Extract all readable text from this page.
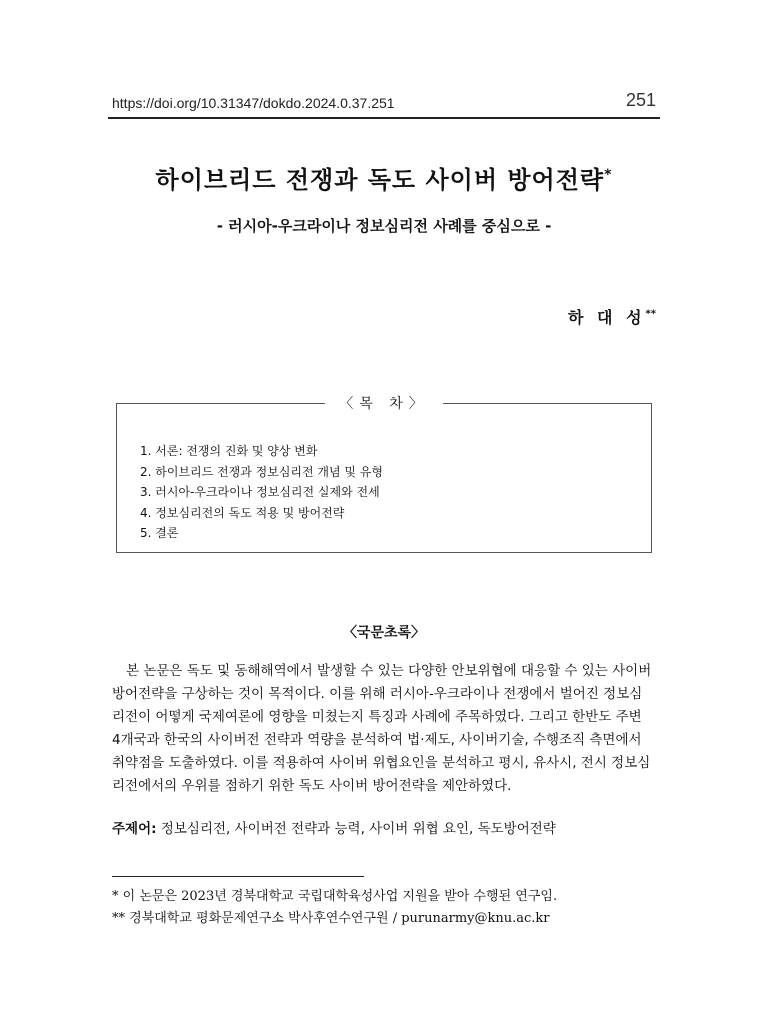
https://doi.org/10.31347/dokdo.2024.0.37.251	251
하이브리드 전쟁과 독도 사이버 방어전략*
- 러시아-우크라이나 정보심리전 사례를 중심으로 -
하 대 성**
〈목 차〉
1. 서론: 전쟁의 진화 및 양상 변화
2. 하이브리드 전쟁과 정보심리전 개념 및 유형
3. 러시아-우크라이나 정보심리전 실제와 전세
4. 정보심리전의 독도 적용 및 방어전략
5. 결론
〈국문초록〉
본 논문은 독도 및 동해해역에서 발생할 수 있는 다양한 안보위협에 대응할 수 있는 사이버
방어전략을 구상하는 것이 목적이다. 이를 위해 러시아-우크라이나 전쟁에서 벌어진 정보심
리전이 어떻게 국제여론에 영향을 미쳤는지 특징과 사례에 주목하였다. 그리고 한반도 주변
4개국과 한국의 사이버전 전략과 역량을 분석하여 법·제도, 사이버기술, 수행조직 측면에서
취약점을 도출하였다. 이를 적용하여 사이버 위협요인을 분석하고 평시, 유사시, 전시 정보심
리전에서의 우위를 점하기 위한 독도 사이버 방어전략을 제안하였다.
주제어: 정보심리전, 사이버전 전략과 능력, 사이버 위협 요인, 독도방어전략
* 이 논문은 2023년 경북대학교 국립대학육성사업 지원을 받아 수행된 연구임.
** 경북대학교 평화문제연구소 박사후연수연구원 / purunarmy@knu.ac.kr
